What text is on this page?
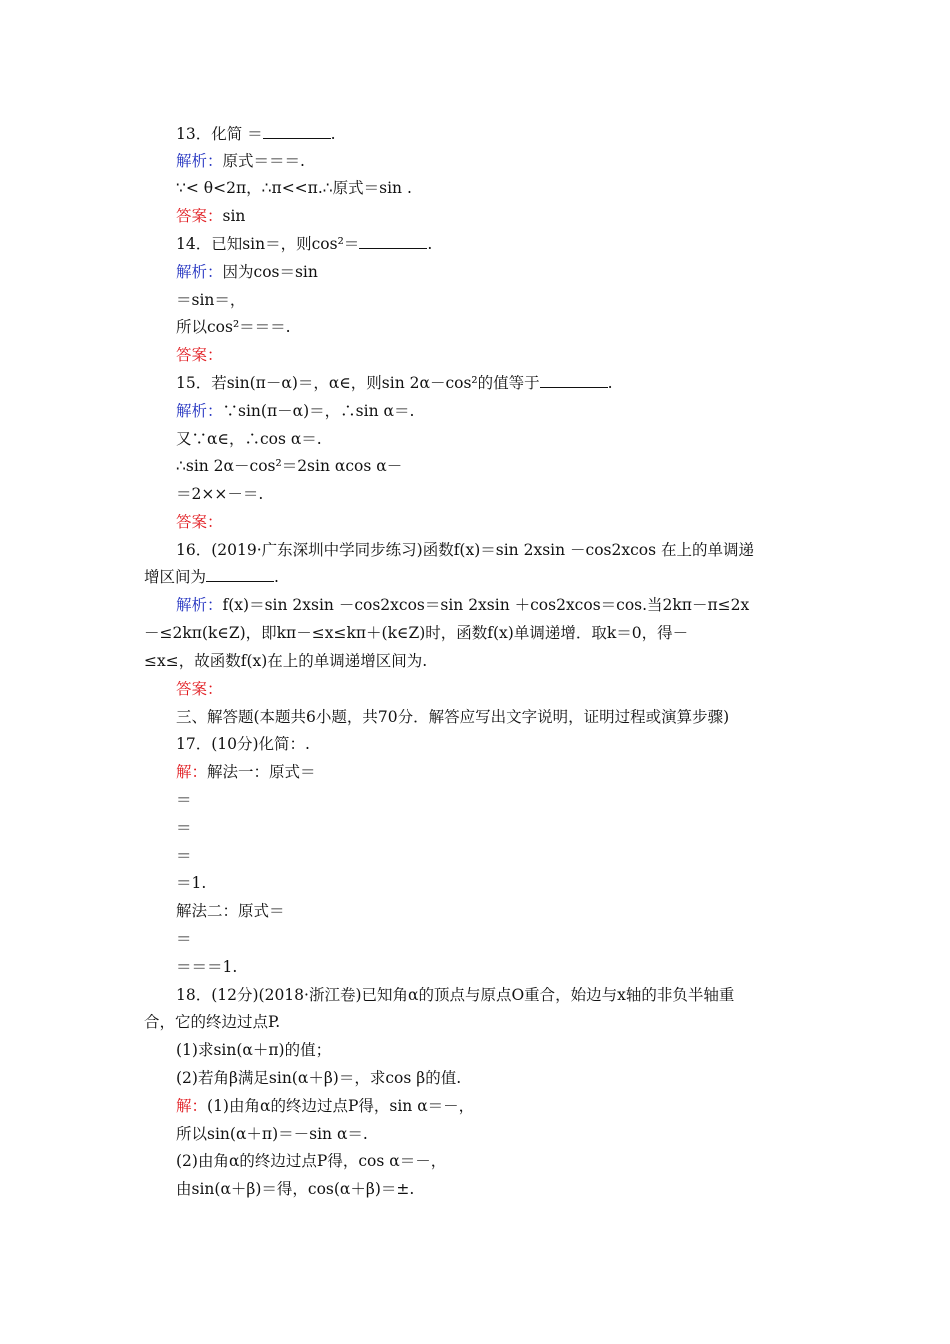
13．化简 ＝	.
解析：原式＝＝＝.
∵< θ<2π，∴π<<π.∴原式＝sin .
答案：sin
14．已知sin＝，则cos²＝	.
解析：因为cos＝sin
＝sin＝，
所以cos²＝＝＝.
答案：
15．若sin(π－α)＝，α∈，则sin 2α－cos²的值等于	.
解析：∵sin(π－α)＝，∴sin α＝.
又∵α∈，∴cos α＝.
∴sin 2α－cos²＝2sin αcos α－
＝2××－＝.
答案：
16．(2019·广东深圳中学同步练习)函数f(x)＝sin 2xsin －cos2xcos 在上的单调递
增区间为	.
解析：f(x)＝sin 2xsin －cos2xcos＝sin 2xsin ＋cos2xcos＝cos.当2kπ－π≤2x
－≤2kπ(k∈Z)，即kπ－≤x≤kπ＋(k∈Z)时，函数f(x)单调递增．取k＝0，得－
≤x≤，故函数f(x)在上的单调递增区间为.
答案：
三、解答题(本题共6小题，共70分．解答应写出文字说明，证明过程或演算步骤)
17．(10分)化简：.
解：解法一：原式＝
＝
＝
＝
＝1.
解法二：原式＝
＝
＝＝＝1.
18．(12分)(2018·浙江卷)已知角α的顶点与原点O重合，始边与x轴的非负半轴重
合，它的终边过点P.
(1)求sin(α＋π)的值；
(2)若角β满足sin(α＋β)＝，求cos β的值.
解：(1)由角α的终边过点P得，sin α＝－，
所以sin(α＋π)＝－sin α＝.
(2)由角α的终边过点P得，cos α＝－，
由sin(α＋β)＝得，cos(α＋β)＝±.
